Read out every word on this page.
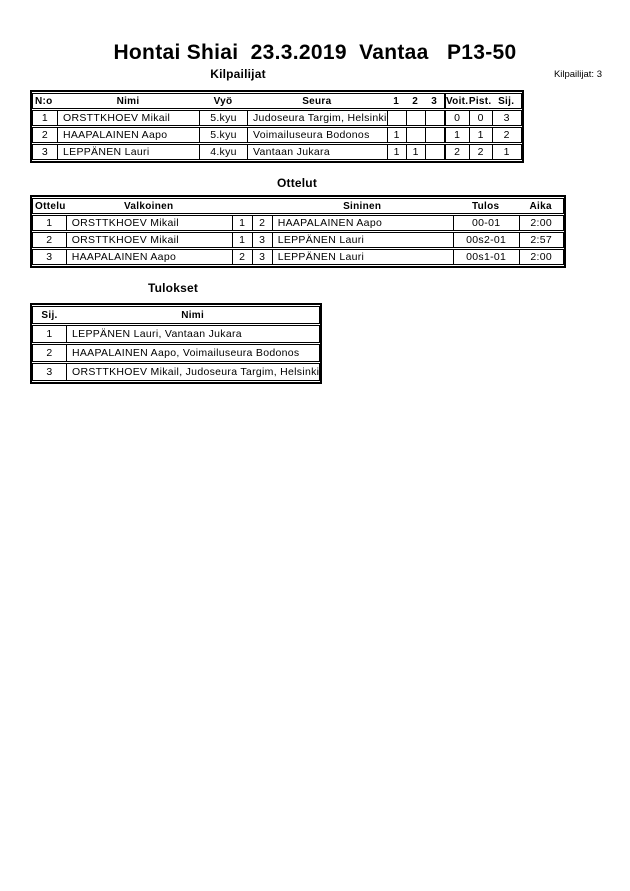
Hontai Shiai  23.3.2019  Vantaa   P13-50
Kilpailijat	Kilpailijat: 3
N:o	Nimi	Vyö	Seura	1	2	3	Voit.	Pist.	Sij.
1	ORSTTKHOEV Mikail	5.kyu	Judoseura Targim, Helsinki				0	0	3
2	HAAPALAINEN Aapo	5.kyu	Voimailuseura Bodonos	1			1	1	2
3	LEPPÄNEN Lauri	4.kyu	Vantaan Jukara	1	1		2	2	1
Ottelut
Ottelu	Valkoinen			Sininen	Tulos	Aika
1	ORSTTKHOEV Mikail	1	2	HAAPALAINEN Aapo	00-01	2:00
2	ORSTTKHOEV Mikail	1	3	LEPPÄNEN Lauri	00s2-01	2:57
3	HAAPALAINEN Aapo	2	3	LEPPÄNEN Lauri	00s1-01	2:00
Tulokset
Sij.	Nimi
1	LEPPÄNEN Lauri, Vantaan Jukara
2	HAAPALAINEN Aapo, Voimailuseura Bodonos
3	ORSTTKHOEV Mikail, Judoseura Targim, Helsinki
